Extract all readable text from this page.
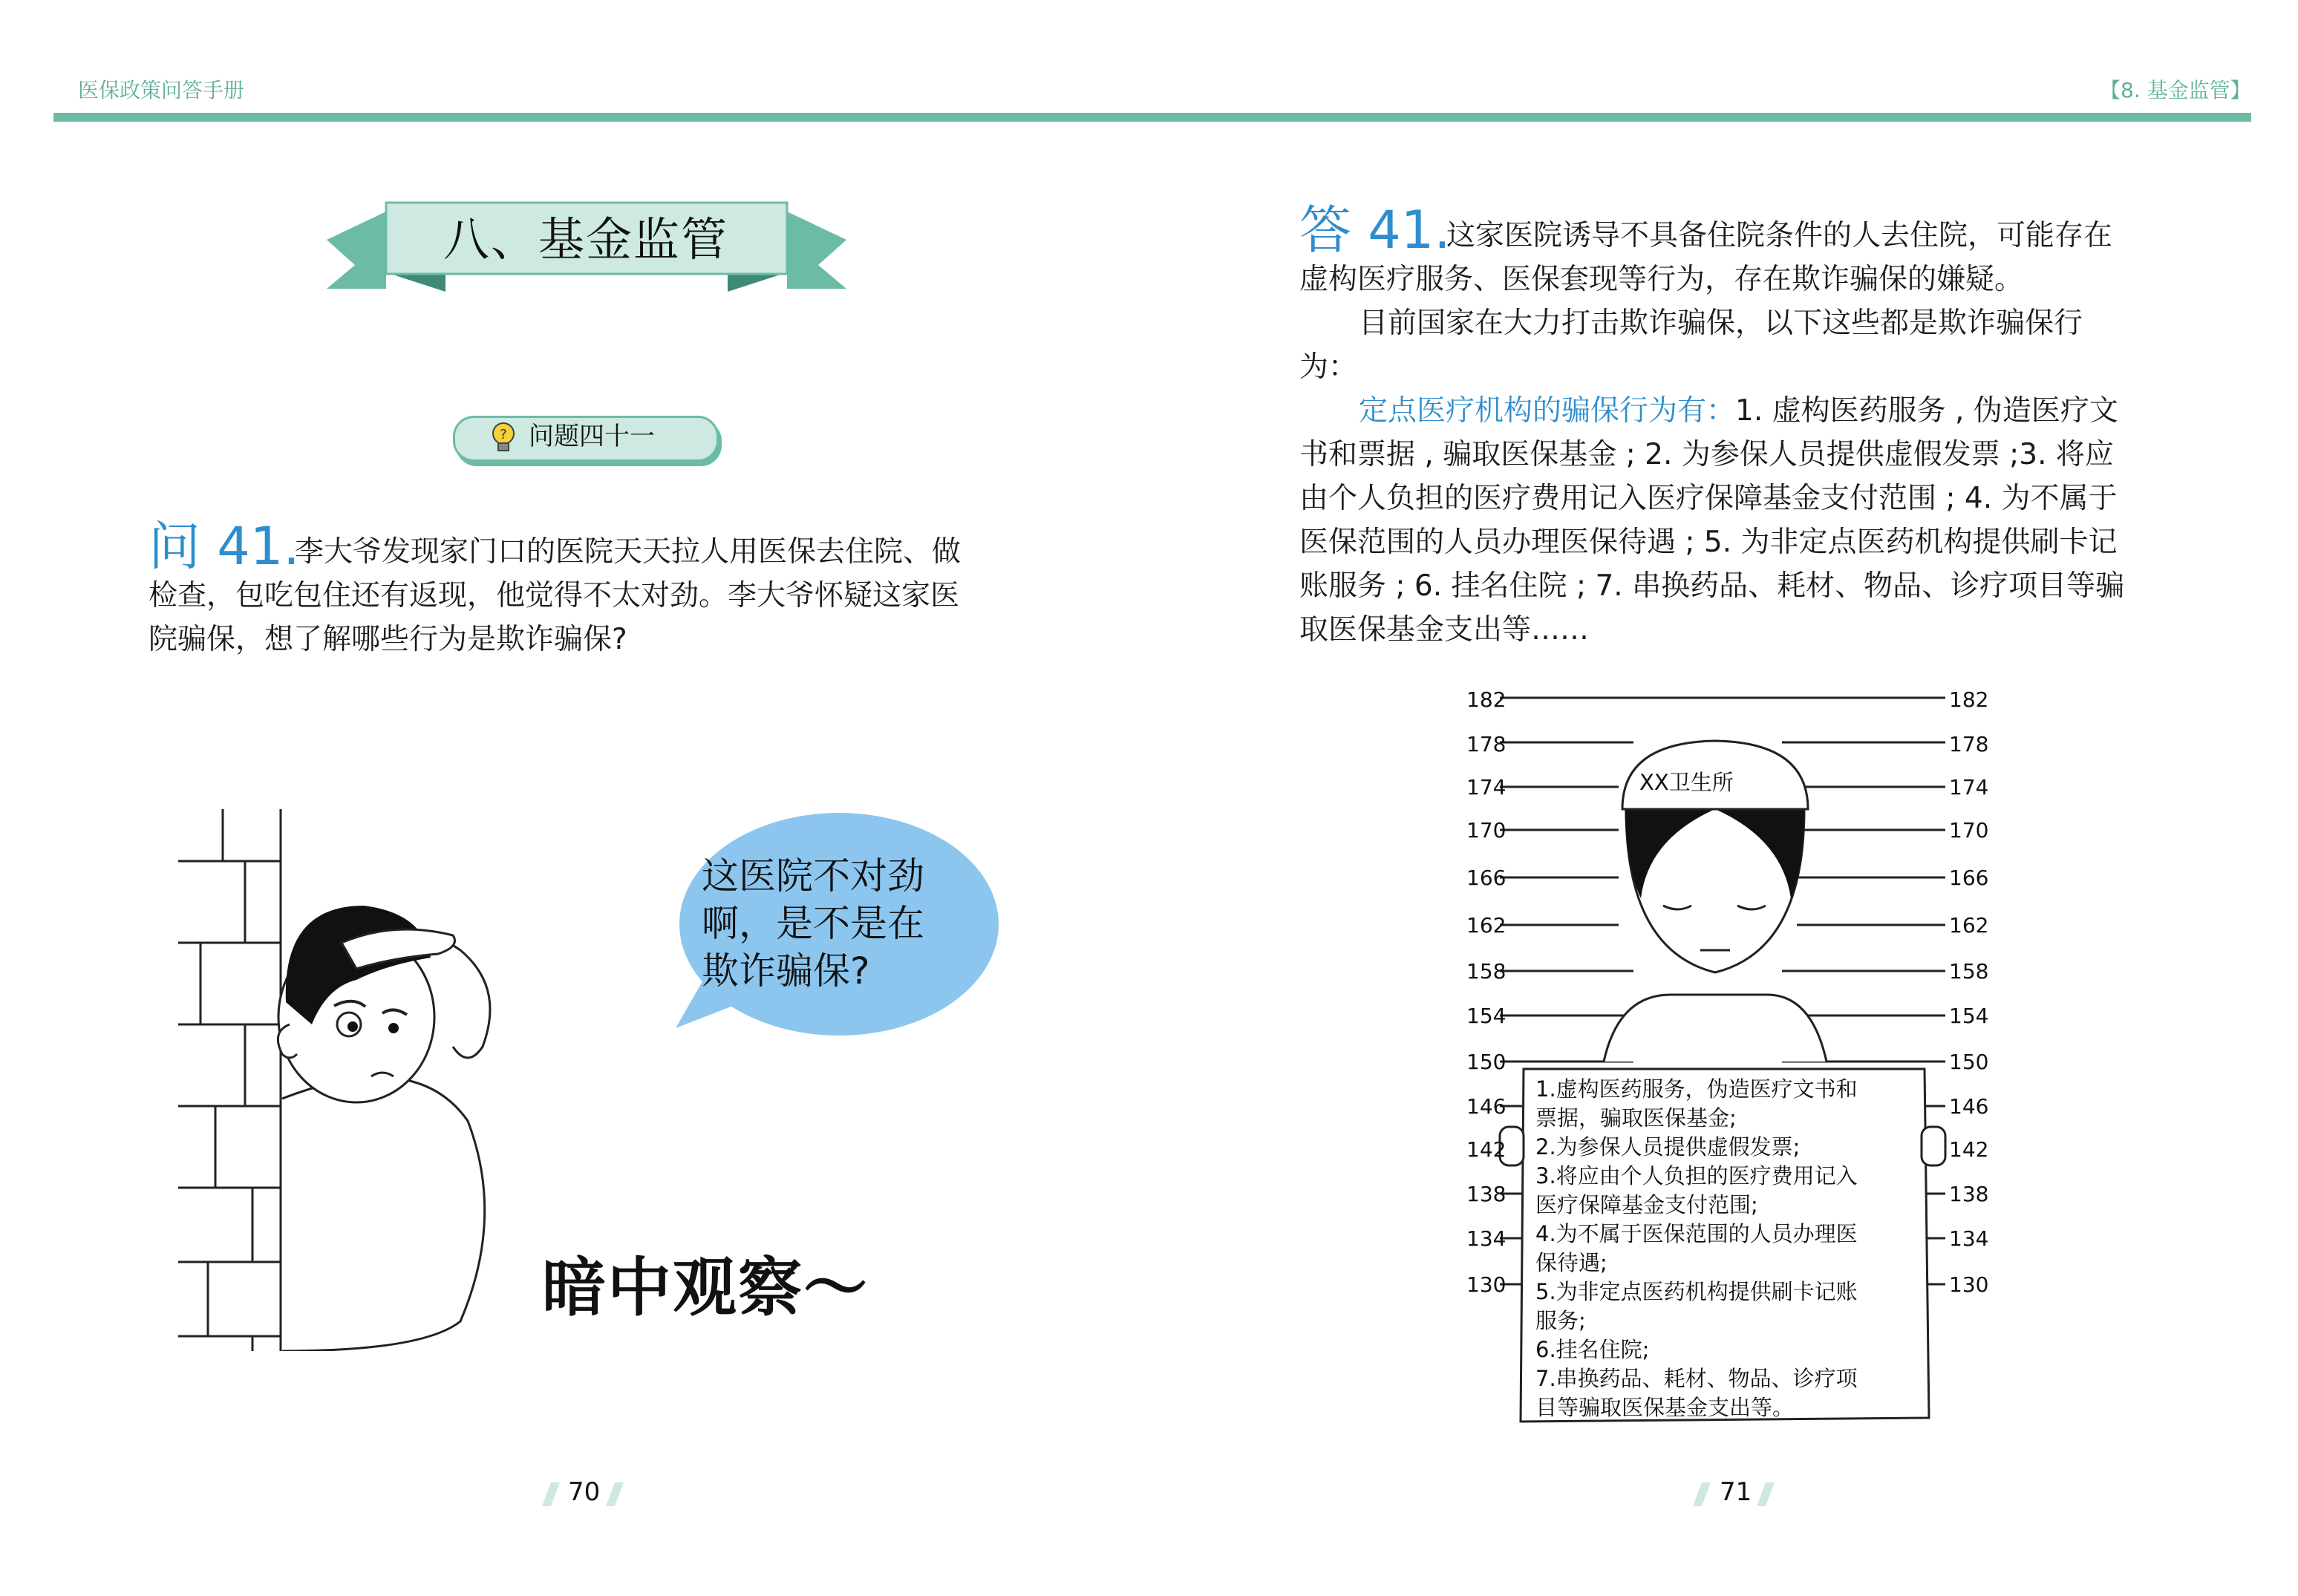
医保政策问答手册	【8. 基金监管】
八、基金监管
? 问题四十一
问 41.
李大爷发现家门口的医院天天拉人用医保去住院、做
检查，包吃包住还有返现，他觉得不太对劲。李大爷怀疑这家医
院骗保，想了解哪些行为是欺诈骗保?
这医院不对劲
啊，是不是在
欺诈骗保?
暗中观察～
70
答 41.
这家医院诱导不具备住院条件的人去住院，可能存在
虚构医疗服务、医保套现等行为，存在欺诈骗保的嫌疑。
目前国家在大力打击欺诈骗保，以下这些都是欺诈骗保行
为：
定点医疗机构的骗保行为有：1. 虚构医药服务 , 伪造医疗文
书和票据 , 骗取医保基金 ; 2. 为参保人员提供虚假发票 ;3. 将应
由个人负担的医疗费用记入医疗保障基金支付范围 ; 4. 为不属于
医保范围的人员办理医保待遇 ; 5. 为非定点医药机构提供刷卡记
账服务 ; 6. 挂名住院 ; 7. 串换药品、耗材、物品、诊疗项目等骗
取医保基金支出等……
182
178
174
170
166
162
158
154
150
146
142
138
134
130
182
178
174
170
166
162
158
154
150
146
142
138
134
130
XX卫生所
1.虚构医药服务，伪造医疗文书和
票据，骗取医保基金;
2.为参保人员提供虚假发票;
3.将应由个人负担的医疗费用记入
医疗保障基金支付范围;
4.为不属于医保范围的人员办理医
保待遇;
5.为非定点医药机构提供刷卡记账
服务;
6.挂名住院;
7.串换药品、耗材、物品、诊疗项
目等骗取医保基金支出等。
71
